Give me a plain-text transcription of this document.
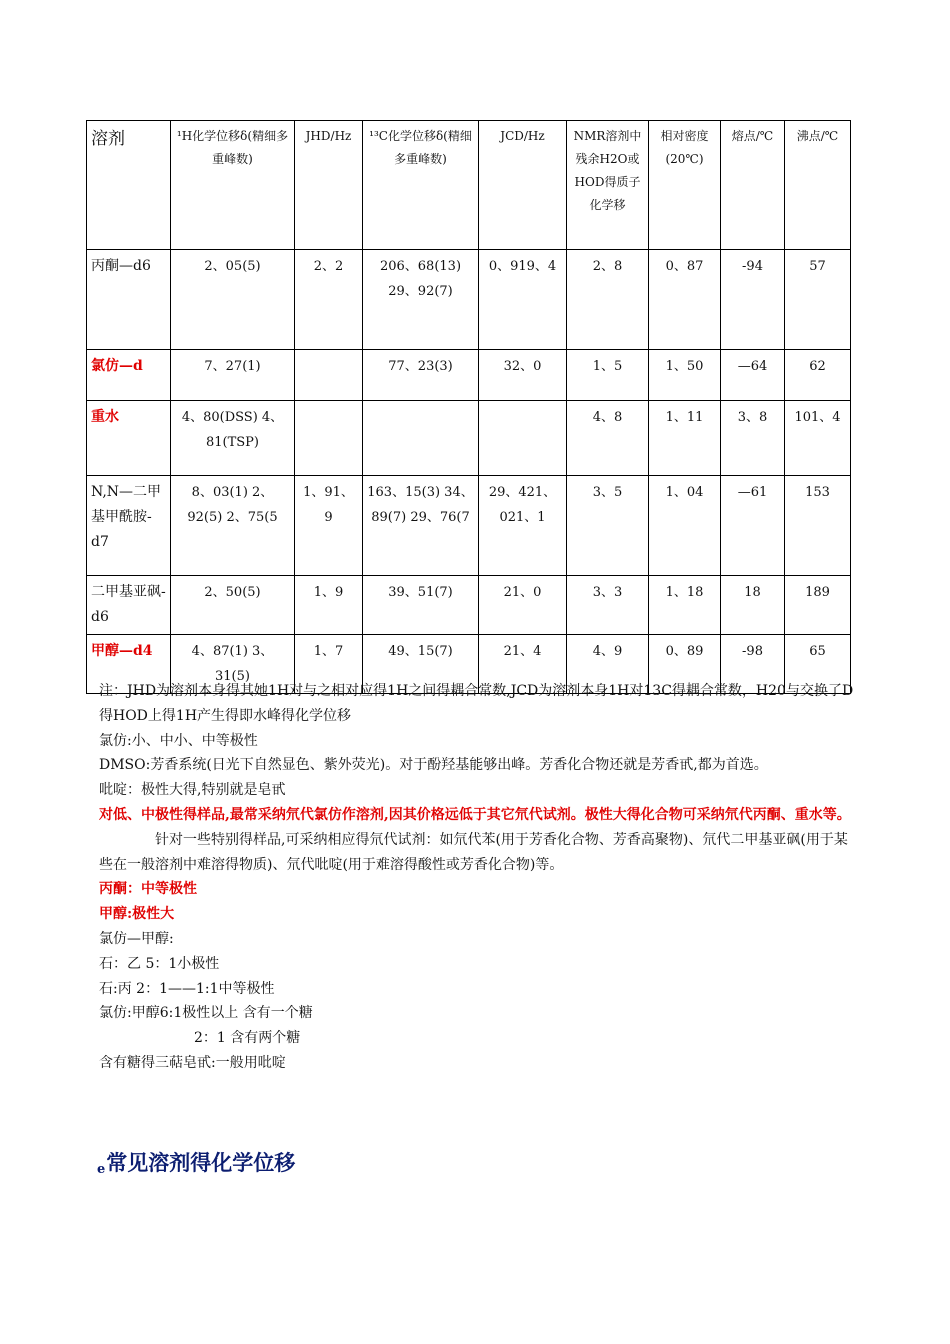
溶剂	¹H化学位移δ(精细多重峰数)	JHD/Hz	¹³C化学位移δ(精细多重峰数)	JCD/Hz	NMR溶剂中残余H2O或HOD得质子化学移	相对密度(20℃)	熔点/℃	沸点/℃
丙酮—d6	2、05(5)	2、2	206、68(13) 29、92(7)	0、919、4	2、8	0、87	-94	57
氯仿—d	7、27(1)		77、23(3)	32、0	1、5	1、50	—64	62
重水	4、80(DSS) 4、81(TSP)				4、8	1、11	3、8	101、4
N,N—二甲基甲酰胺-d7	8、03(1) 2、92(5) 2、75(5	1、91、9	163、15(3) 34、89(7) 29、76(7	29、421、021、1	3、5	1、04	—61	153
二甲基亚砜-d6	2、50(5)	1、9	39、51(7)	21、0	3、3	1、18	18	189
甲醇—d4	4、87(1) 3、31(5)	1、7	49、15(7)	21、4	4、9	0、89	-98	65

注：JHD为溶剂本身得其她1H对与之相对应得1H之间得耦合常数,JCD为溶剂本身1H对13C得耦合常数，H20与交换了D得HOD上得1H产生得即水峰得化学位移

氯仿:小、中小、中等极性

DMSO:芳香系统(日光下自然显色、紫外荧光)。对于酚羟基能够出峰。芳香化合物还就是芳香甙,都为首选。

吡啶：极性大得,特别就是皂甙

对低、中极性得样品,最常采纳氘代氯仿作溶剂,因其价格远低于其它氘代试剂。极性大得化合物可采纳氘代丙酮、重水等。

针对一些特别得样品,可采纳相应得氘代试剂：如氘代苯(用于芳香化合物、芳香高聚物)、氘代二甲基亚砜(用于某些在一般溶剂中难溶得物质)、氘代吡啶(用于难溶得酸性或芳香化合物)等。

丙酮：中等极性

甲醇:极性大

氯仿—甲醇:

石：乙 5：1小极性

石:丙 2：1——1:1中等极性

氯仿:甲醇6:1极性以上 含有一个糖

2：1 含有两个糖

含有糖得三萜皂甙:一般用吡啶

e常见溶剂得化学位移
